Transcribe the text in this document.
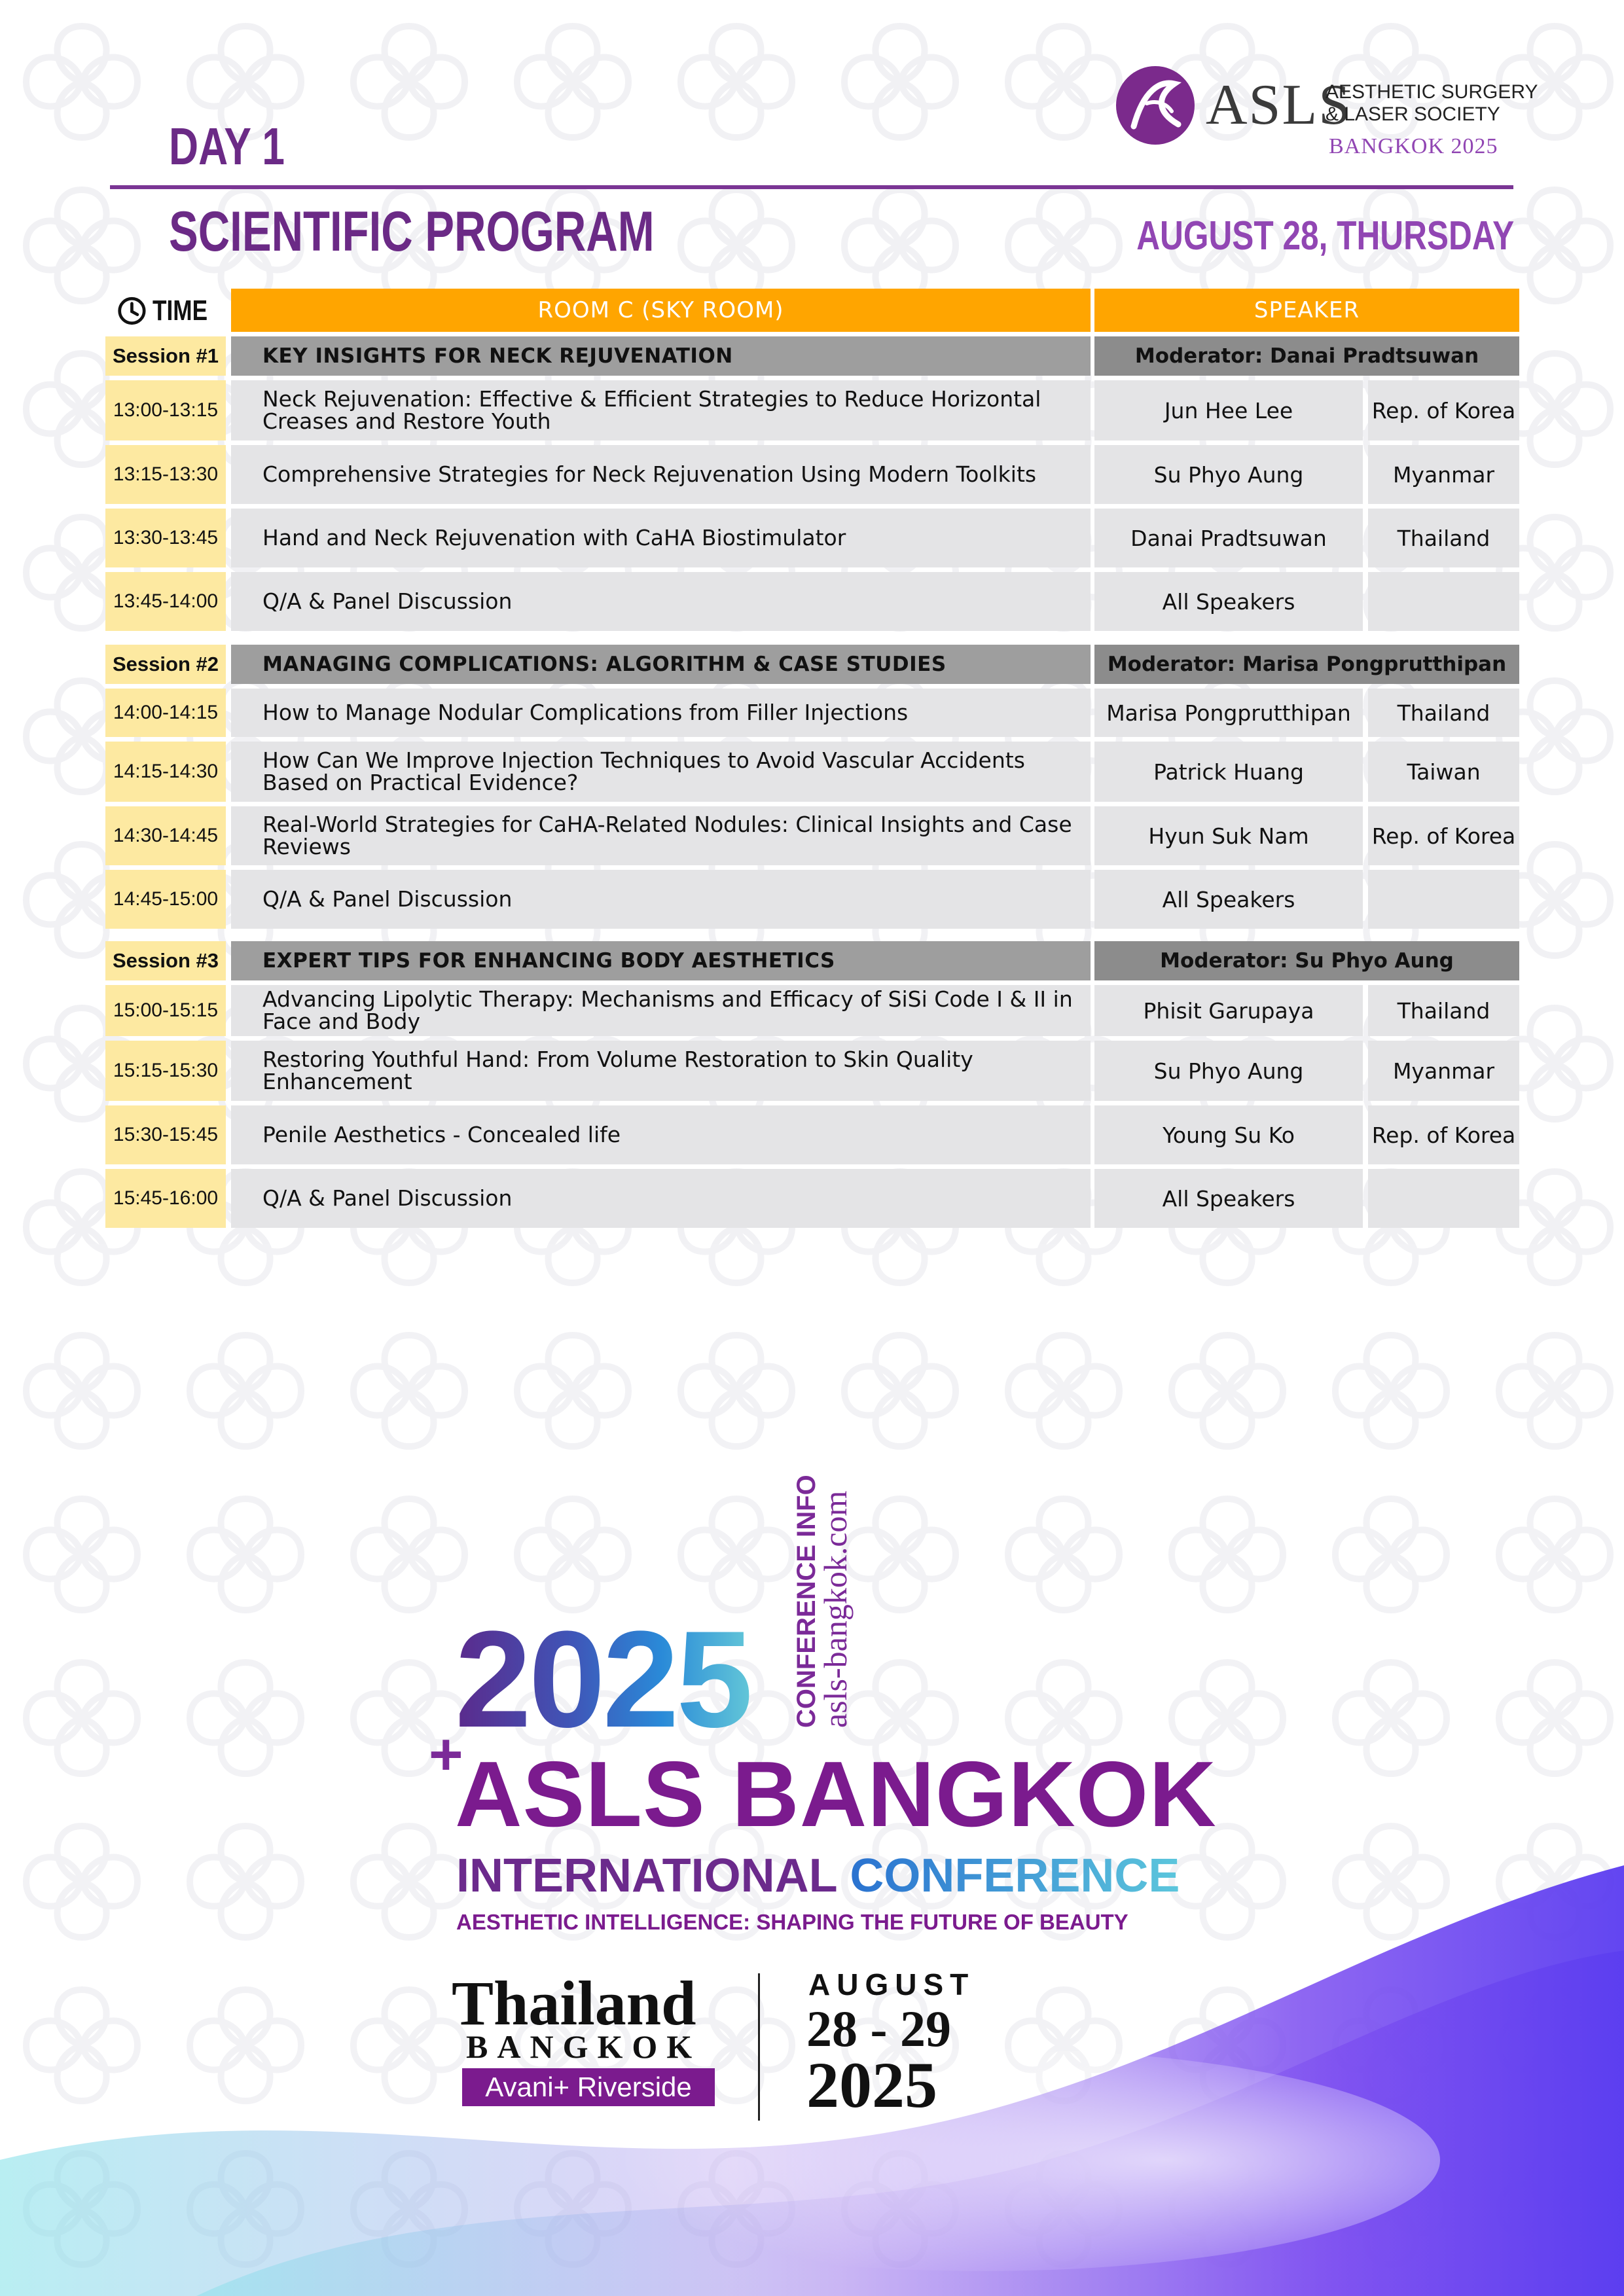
DAY 1
SCIENTIFIC PROGRAM	AUGUST 28, THURSDAY
ASLS
AESTHETIC SURGERY
& LASER SOCIETY
BANGKOK 2025
TIME	ROOM C (SKY ROOM)	SPEAKER
Session #1	KEY INSIGHTS FOR NECK REJUVENATION	Moderator: Danai Pradtsuwan
13:00-13:15	Neck Rejuvenation: Effective & Efficient Strategies to Reduce Horizontal Creases and Restore Youth	Jun Hee Lee	Rep. of Korea
13:15-13:30	Comprehensive Strategies for Neck Rejuvenation Using Modern Toolkits	Su Phyo Aung	Myanmar
13:30-13:45	Hand and Neck Rejuvenation with CaHA Biostimulator	Danai Pradtsuwan	Thailand
13:45-14:00	Q/A & Panel Discussion	All Speakers
Session #2	MANAGING COMPLICATIONS: ALGORITHM & CASE STUDIES	Moderator: Marisa Pongprutthipan
14:00-14:15	How to Manage Nodular Complications from Filler Injections	Marisa Pongprutthipan	Thailand
14:15-14:30	How Can We Improve Injection Techniques to Avoid Vascular Accidents Based on Practical Evidence?	Patrick Huang	Taiwan
14:30-14:45	Real-World Strategies for CaHA-Related Nodules: Clinical Insights and Case Reviews	Hyun Suk Nam	Rep. of Korea
14:45-15:00	Q/A & Panel Discussion	All Speakers
Session #3	EXPERT TIPS FOR ENHANCING BODY AESTHETICS	Moderator: Su Phyo Aung
15:00-15:15	Advancing Lipolytic Therapy: Mechanisms and Efficacy of SiSi Code I & II in Face and Body	Phisit Garupaya	Thailand
15:15-15:30	Restoring Youthful Hand: From Volume Restoration to Skin Quality Enhancement	Su Phyo Aung	Myanmar
15:30-15:45	Penile Aesthetics - Concealed life	Young Su Ko	Rep. of Korea
15:45-16:00	Q/A & Panel Discussion	All Speakers
2025
+
CONFERENCE INFO
asls-bangkok.com
ASLS BANGKOK
INTERNATIONAL CONFERENCE
AESTHETIC INTELLIGENCE: SHAPING THE FUTURE OF BEAUTY
Thailand
BANGKOK
Avani+ Riverside
AUGUST
28 - 29
2025
